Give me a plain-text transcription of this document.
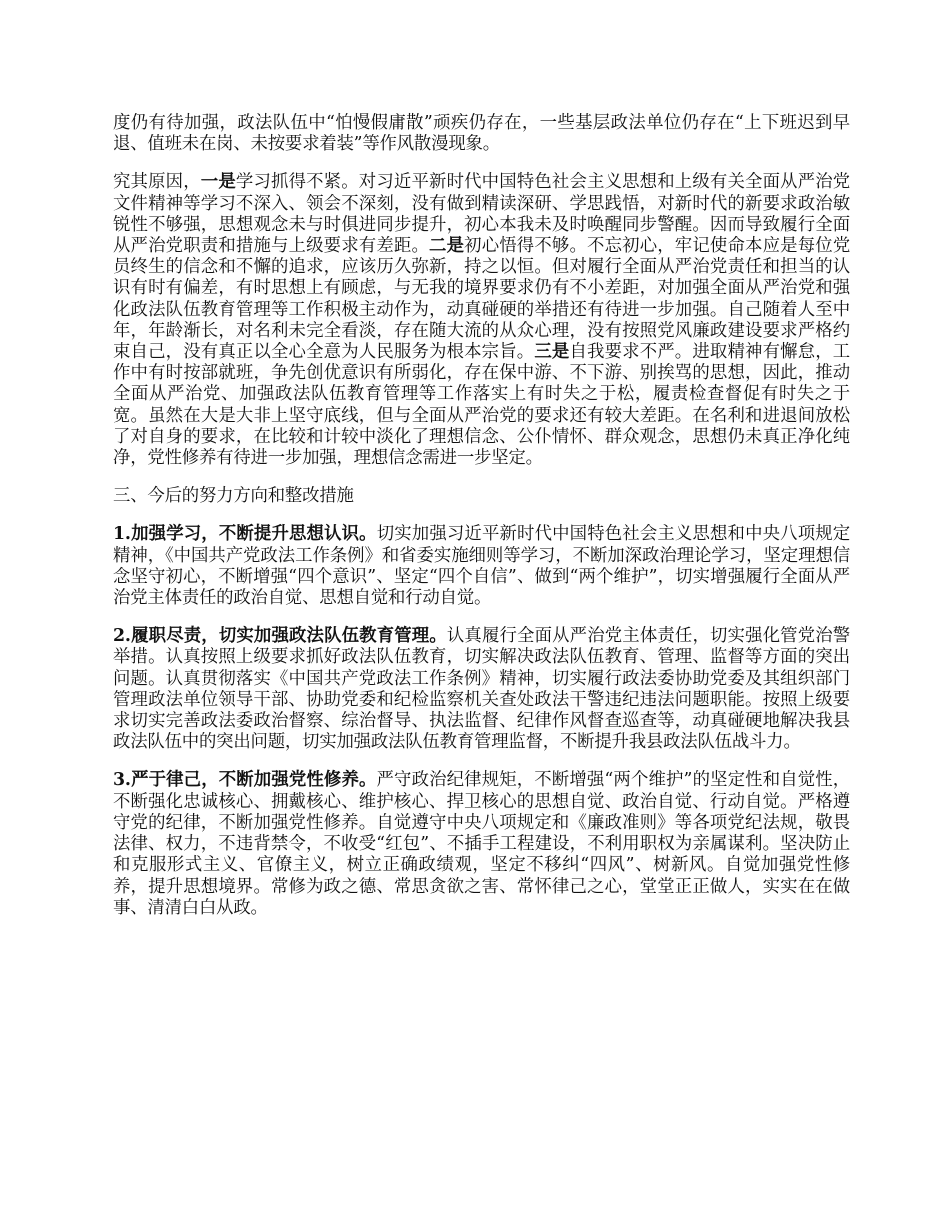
度仍有待加强，政法队伍中“怕慢假庸散”顽疾仍存在，一些基层政法单位仍存在“上下班迟到早退、值班未在岗、未按要求着装”等作风散漫现象。

究其原因，一是学习抓得不紧。对习近平新时代中国特色社会主义思想和上级有关全面从严治党文件精神等学习不深入、领会不深刻，没有做到精读深研、学思践悟，对新时代的新要求政治敏锐性不够强，思想观念未与时俱进同步提升，初心本我未及时唤醒同步警醒。因而导致履行全面从严治党职责和措施与上级要求有差距。二是初心悟得不够。不忘初心，牢记使命本应是每位党员终生的信念和不懈的追求，应该历久弥新，持之以恒。但对履行全面从严治党责任和担当的认识有时有偏差，有时思想上有顾虑，与无我的境界要求仍有不小差距，对加强全面从严治党和强化政法队伍教育管理等工作积极主动作为，动真碰硬的举措还有待进一步加强。自己随着人至中年，年龄渐长，对名利未完全看淡，存在随大流的从众心理，没有按照党风廉政建设要求严格约束自己，没有真正以全心全意为人民服务为根本宗旨。三是自我要求不严。进取精神有懈怠，工作中有时按部就班，争先创优意识有所弱化，存在保中游、不下游、别挨骂的思想，因此，推动全面从严治党、加强政法队伍教育管理等工作落实上有时失之于松，履责检查督促有时失之于宽。虽然在大是大非上坚守底线，但与全面从严治党的要求还有较大差距。在名利和进退间放松了对自身的要求，在比较和计较中淡化了理想信念、公仆情怀、群众观念，思想仍未真正净化纯净，党性修养有待进一步加强，理想信念需进一步坚定。

三、今后的努力方向和整改措施

1.加强学习，不断提升思想认识。切实加强习近平新时代中国特色社会主义思想和中央八项规定精神，《中国共产党政法工作条例》和省委实施细则等学习，不断加深政治理论学习，坚定理想信念坚守初心，不断增强“四个意识”、坚定“四个自信”、做到“两个维护”，切实增强履行全面从严治党主体责任的政治自觉、思想自觉和行动自觉。

2.履职尽责，切实加强政法队伍教育管理。认真履行全面从严治党主体责任，切实强化管党治警举措。认真按照上级要求抓好政法队伍教育，切实解决政法队伍教育、管理、监督等方面的突出问题。认真贯彻落实《中国共产党政法工作条例》精神，切实履行政法委协助党委及其组织部门管理政法单位领导干部、协助党委和纪检监察机关查处政法干警违纪违法问题职能。按照上级要求切实完善政法委政治督察、综治督导、执法监督、纪律作风督查巡查等，动真碰硬地解决我县政法队伍中的突出问题，切实加强政法队伍教育管理监督，不断提升我县政法队伍战斗力。

3.严于律己，不断加强党性修养。严守政治纪律规矩，不断增强“两个维护”的坚定性和自觉性，不断强化忠诚核心、拥戴核心、维护核心、捍卫核心的思想自觉、政治自觉、行动自觉。严格遵守党的纪律，不断加强党性修养。自觉遵守中央八项规定和《廉政准则》等各项党纪法规，敬畏法律、权力，不违背禁令，不收受“红包”、不插手工程建设，不利用职权为亲属谋利。坚决防止和克服形式主义、官僚主义，树立正确政绩观，坚定不移纠“四风”、树新风。自觉加强党性修养，提升思想境界。常修为政之德、常思贪欲之害、常怀律己之心，堂堂正正做人，实实在在做事、清清白白从政。
